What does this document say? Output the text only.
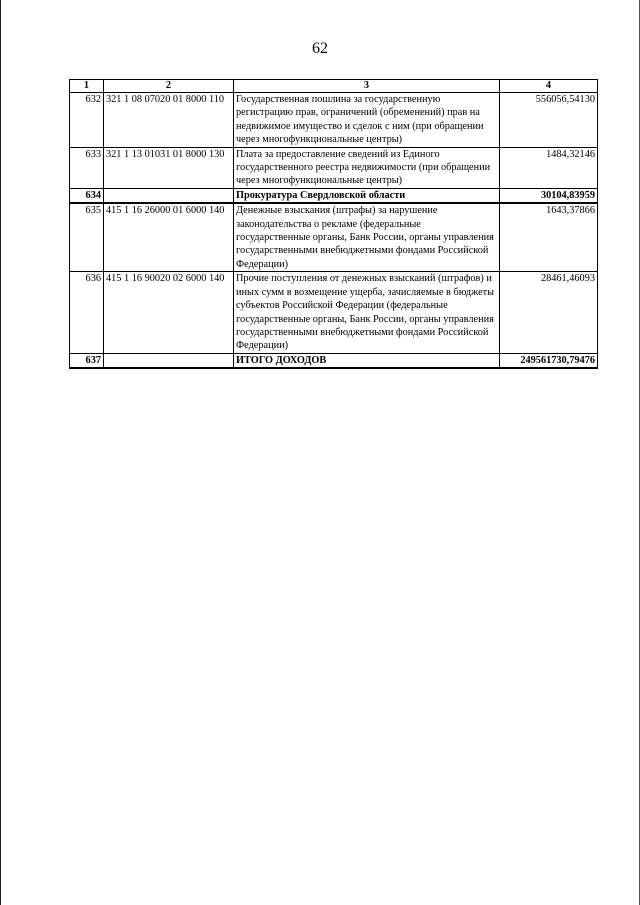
62
1	2	3	4
632	321 1 08 07020 01 8000 110	Государственная пошлина за государственную регистрацию прав, ограничений (обременений) прав на недвижимое имущество и сделок с ним (при обращении через многофункциональные центры)	556056,54130
633	321 1 13 01031 01 8000 130	Плата за предоставление сведений из Единого государственного реестра недвижимости (при обращении через многофункциональные центры)	1484,32146
634		Прокуратура Свердловской области	30104,83959
635	415 1 16 26000 01 6000 140	Денежные взыскания (штрафы) за нарушение законодательства о рекламе (федеральные государственные органы, Банк России, органы управления государственными внебюджетными фондами Российской Федерации)	1643,37866
636	415 1 16 90020 02 6000 140	Прочие поступления от денежных взысканий (штрафов) и иных сумм в возмещение ущерба, зачисляемые в бюджеты субъектов Российской Федерации (федеральные государственные органы, Банк России, органы управления государственными внебюджетными фондами Российской Федерации)	28461,46093
637		ИТОГО ДОХОДОВ	249561730,79476
